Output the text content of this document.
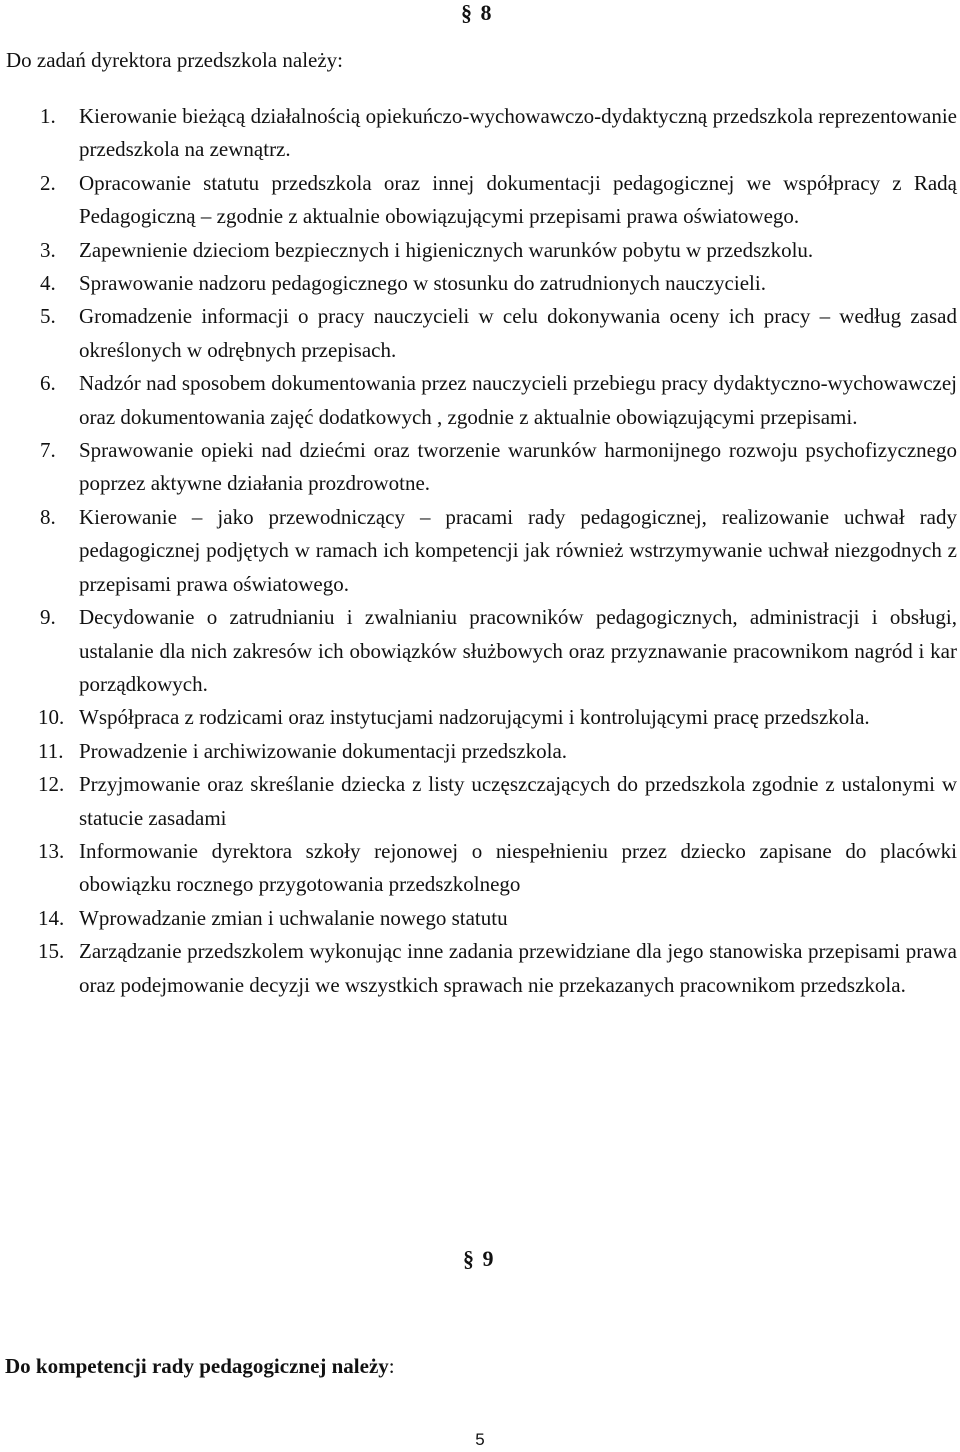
§ 8
Do zadań dyrektora przedszkola należy:
1. Kierowanie bieżącą działalnością opiekuńczo-wychowawczo-dydaktyczną przedszkola reprezentowanie przedszkola na zewnątrz.
2. Opracowanie statutu przedszkola oraz innej dokumentacji pedagogicznej we współpracy z Radą Pedagogiczną – zgodnie z aktualnie obowiązującymi przepisami prawa oświatowego.
3. Zapewnienie dzieciom bezpiecznych i higienicznych warunków pobytu w przedszkolu.
4. Sprawowanie nadzoru pedagogicznego w stosunku do zatrudnionych nauczycieli.
5. Gromadzenie informacji o pracy nauczycieli w celu dokonywania oceny ich pracy – według zasad określonych w odrębnych przepisach.
6. Nadzór nad sposobem dokumentowania przez nauczycieli przebiegu pracy dydaktyczno-wychowawczej oraz dokumentowania zajęć dodatkowych , zgodnie z aktualnie obowiązującymi przepisami.
7. Sprawowanie opieki nad dziećmi oraz tworzenie warunków harmonijnego rozwoju psychofizycznego poprzez aktywne działania prozdrowotne.
8. Kierowanie – jako przewodniczący – pracami rady pedagogicznej, realizowanie uchwał rady pedagogicznej podjętych w ramach ich kompetencji jak również wstrzymywanie uchwał niezgodnych z przepisami prawa oświatowego.
9. Decydowanie o zatrudnianiu i zwalnianiu pracowników pedagogicznych, administracji i obsługi, ustalanie dla nich zakresów ich obowiązków służbowych oraz przyznawanie pracownikom nagród i kar porządkowych.
10. Współpraca z rodzicami oraz instytucjami nadzorującymi i kontrolującymi pracę przedszkola.
11. Prowadzenie i archiwizowanie dokumentacji przedszkola.
12. Przyjmowanie oraz skreślanie dziecka z listy uczęszczających do przedszkola zgodnie z ustalonymi w statucie zasadami
13. Informowanie dyrektora szkoły rejonowej o niespełnieniu przez dziecko zapisane do placówki obowiązku rocznego przygotowania przedszkolnego
14. Wprowadzanie zmian i uchwalanie nowego statutu
15. Zarządzanie przedszkolem wykonując inne zadania przewidziane dla jego stanowiska przepisami prawa oraz podejmowanie decyzji we wszystkich sprawach nie przekazanych pracownikom przedszkola.
§ 9
Do kompetencji rady pedagogicznej należy:
5
